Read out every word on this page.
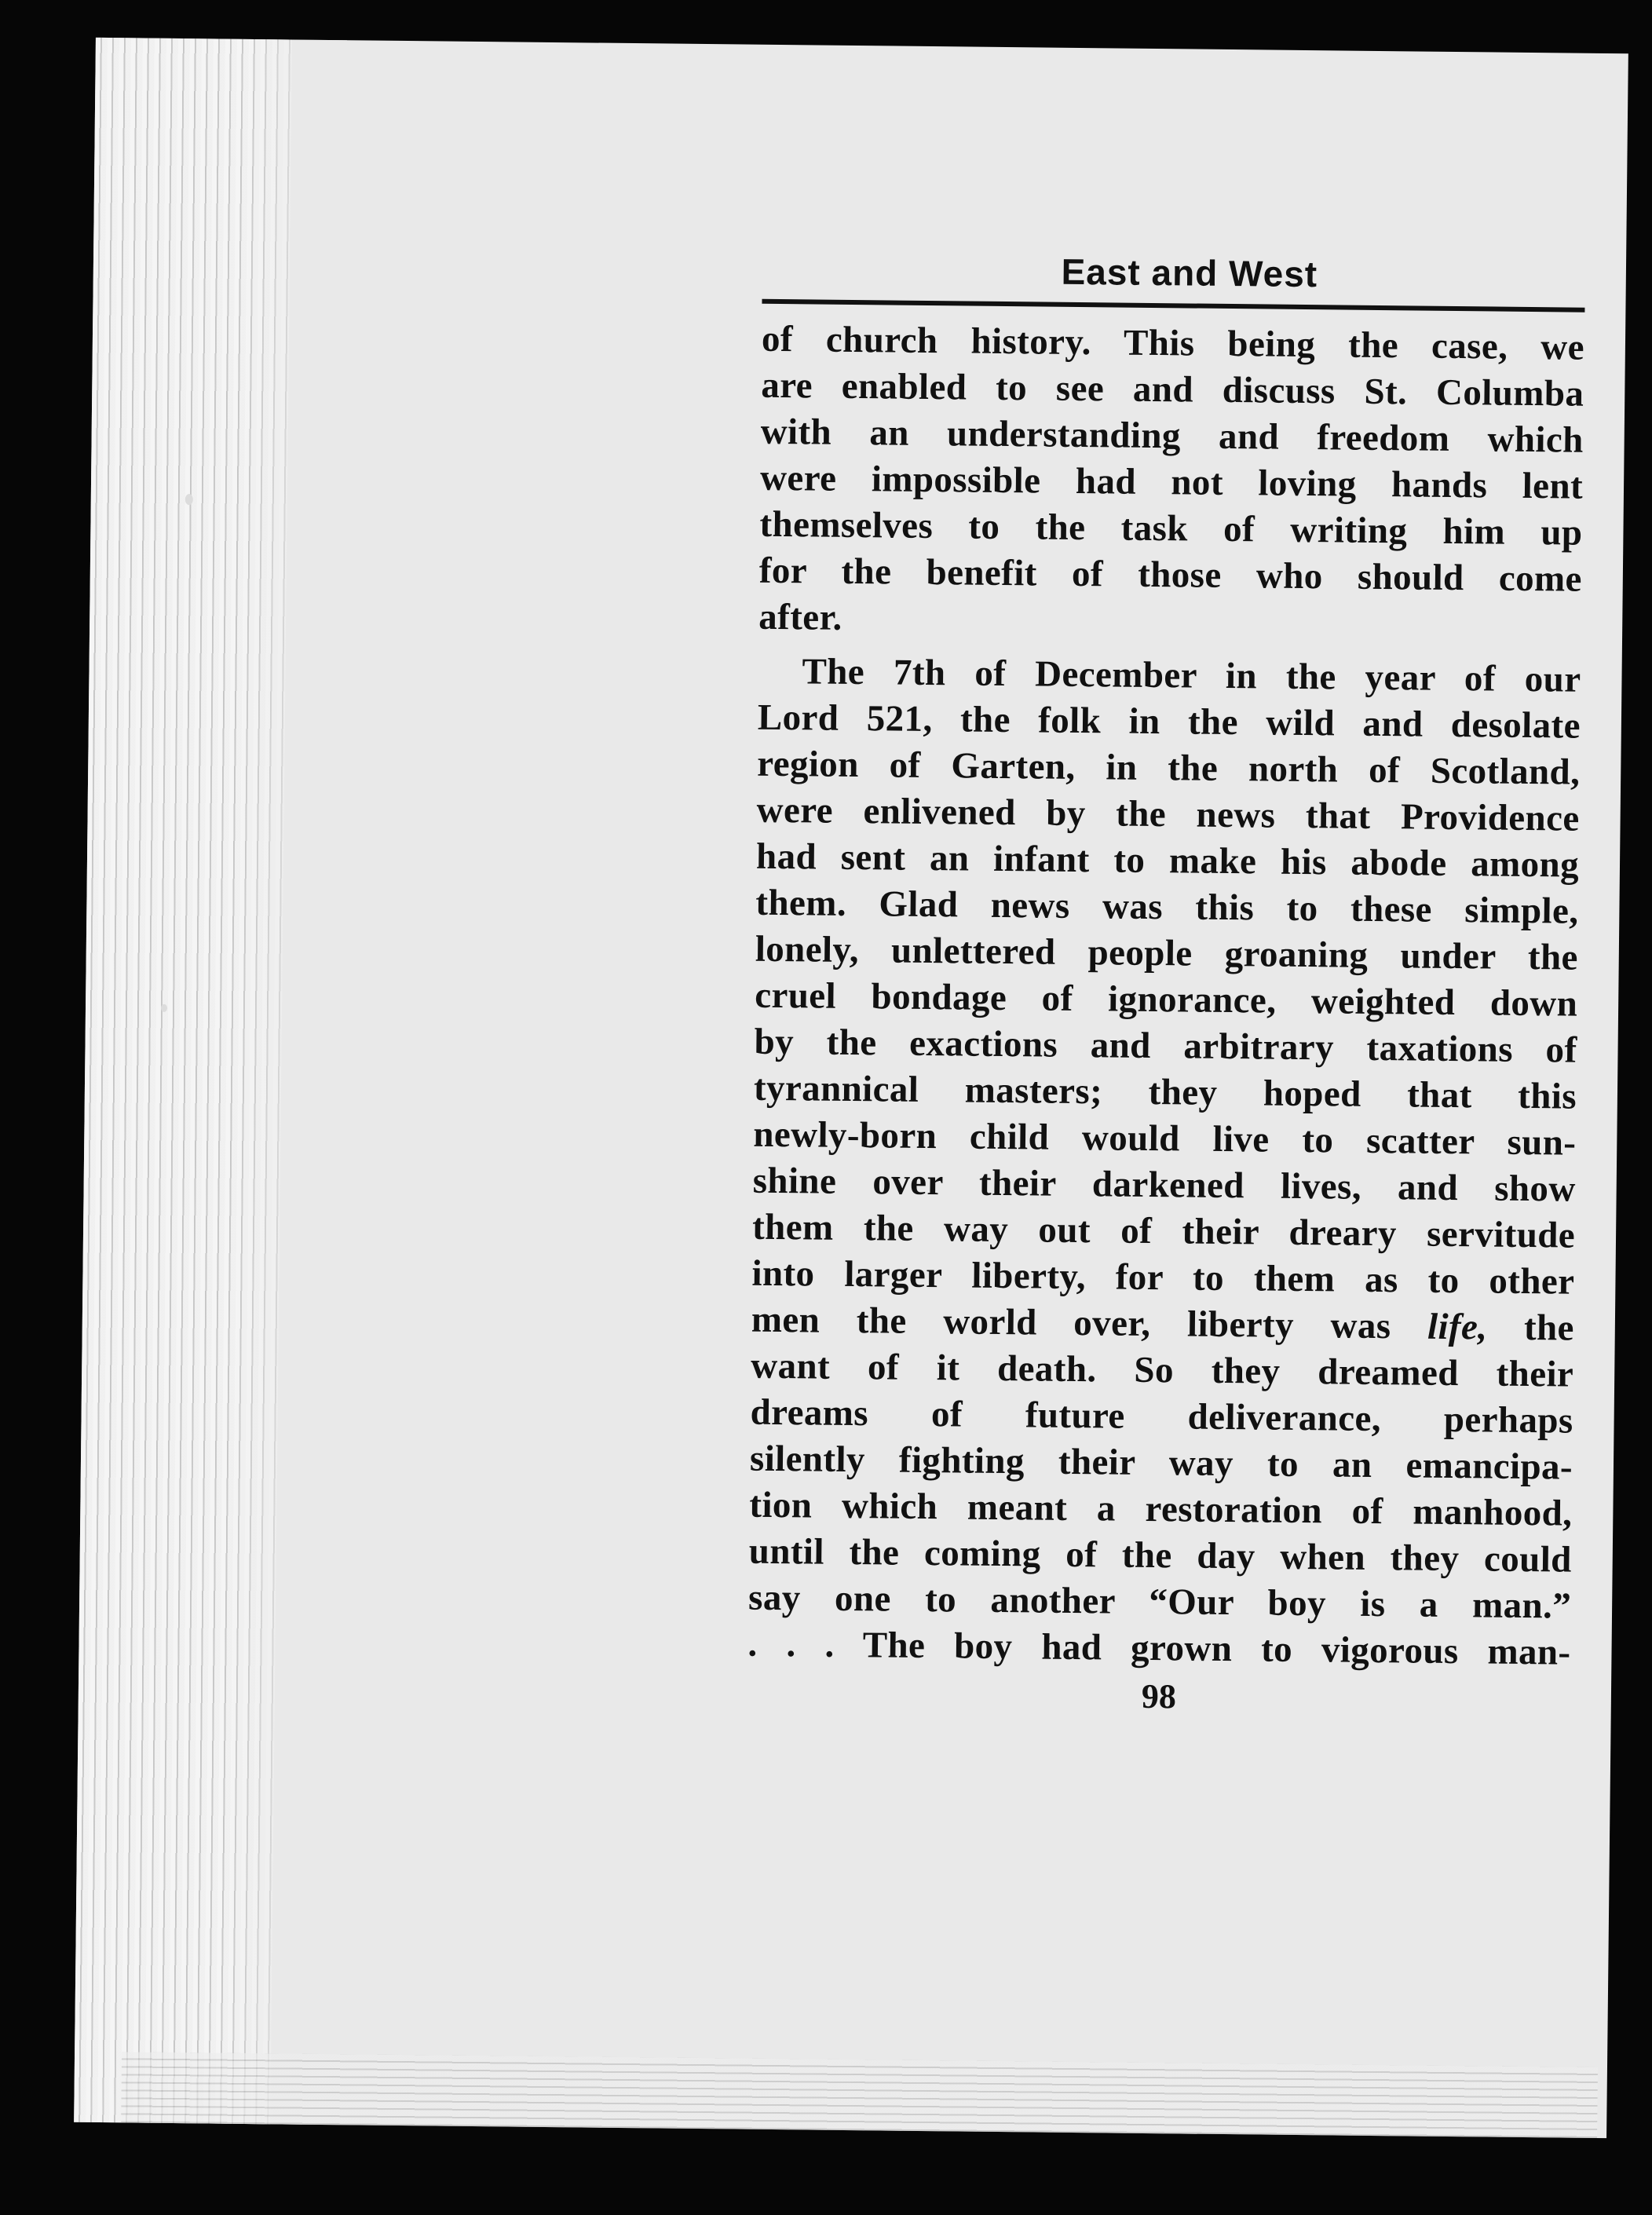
East and West
of church history. This being the case, we
are enabled to see and discuss St. Columba
with an understanding and freedom which
were impossible had not loving hands lent
themselves to the task of writing him up
for the benefit of those who should come
after.
The 7th of December in the year of our
Lord 521, the folk in the wild and desolate
region of Garten, in the north of Scotland,
were enlivened by the news that Providence
had sent an infant to make his abode among
them. Glad news was this to these simple,
lonely, unlettered people groaning under the
cruel bondage of ignorance, weighted down
by the exactions and arbitrary taxations of
tyrannical masters; they hoped that this
newly-born child would live to scatter sun-
shine over their darkened lives, and show
them the way out of their dreary servitude
into larger liberty, for to them as to other
men the world over, liberty was life, the
want of it death. So they dreamed their
dreams of future deliverance, perhaps
silently fighting their way to an emancipa-
tion which meant a restoration of manhood,
until the coming of the day when they could
say one to another “Our boy is a man.”
. . . The boy had grown to vigorous man-
98
